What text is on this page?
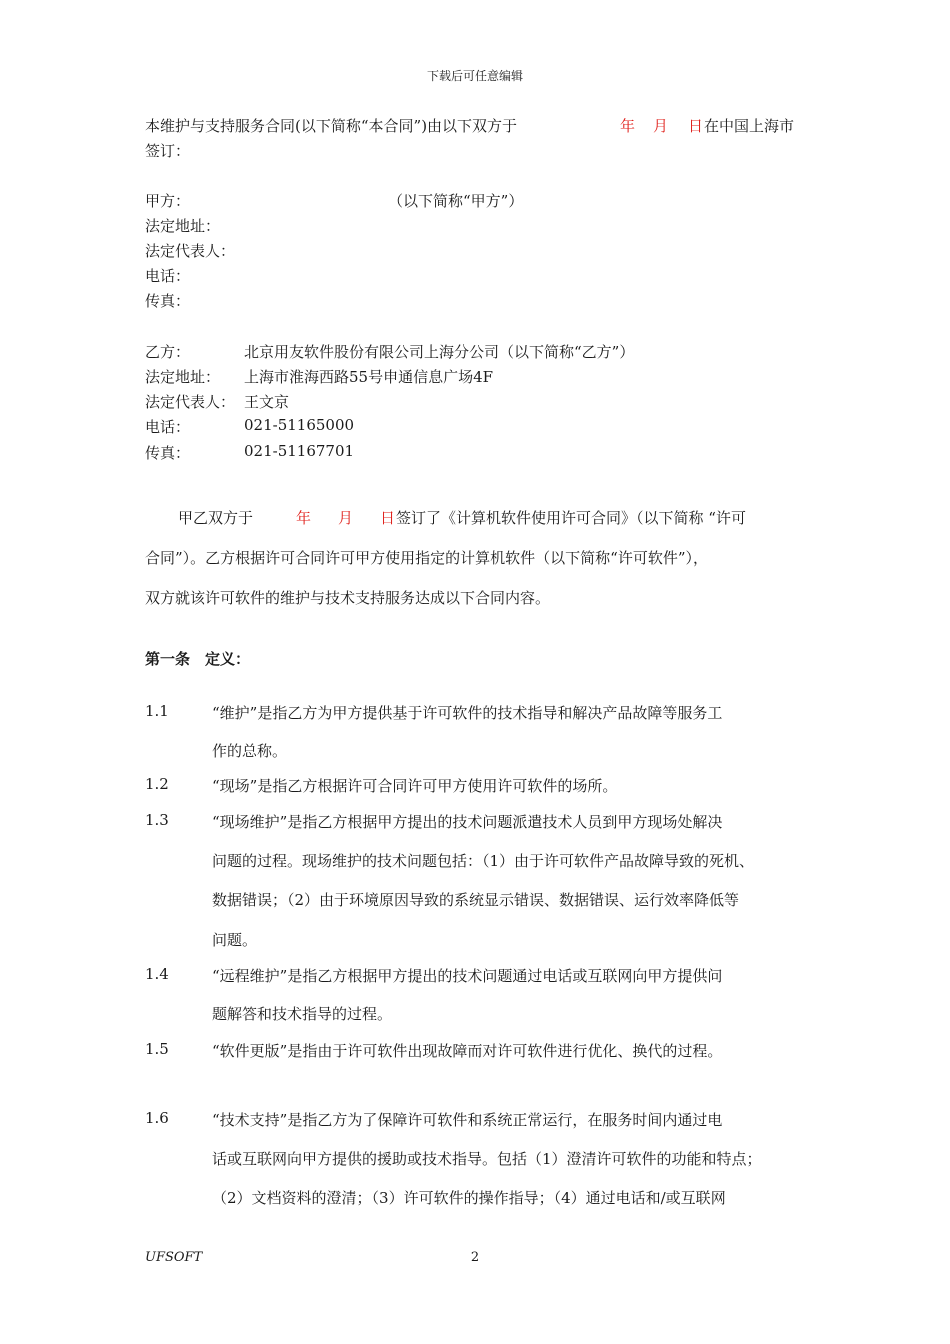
下载后可任意编辑
本维护与支持服务合同(以下简称“本合同”)由以下双方于	年 月 日 在中国上海市
签订：
甲方：	（以下简称“甲方”）
法定地址：
法定代表人：
电话：
传真：
乙方：	北京用友软件股份有限公司上海分公司（以下简称“乙方”）
法定地址： 上海市淮海西路55号申通信息广场4F
法定代表人： 王文京
电话：	021-51165000
传真：	021-51167701
甲乙双方于	年 月 日 签订了《计算机软件使用许可合同》（以下简称 “许可
合同”）。乙方根据许可合同许可甲方使用指定的计算机软件（以下简称“许可软件”），
双方就该许可软件的维护与技术支持服务达成以下合同内容。
第一条　定义：
1.1	“维护”是指乙方为甲方提供基于许可软件的技术指导和解决产品故障等服务工
作的总称。
1.2	“现场”是指乙方根据许可合同许可甲方使用许可软件的场所。
1.3	“现场维护”是指乙方根据甲方提出的技术问题派遣技术人员到甲方现场处解决
问题的过程。现场维护的技术问题包括：（1）由于许可软件产品故障导致的死机、
数据错误；（2）由于环境原因导致的系统显示错误、数据错误、运行效率降低等
问题。
1.4	“远程维护”是指乙方根据甲方提出的技术问题通过电话或互联网向甲方提供问
题解答和技术指导的过程。
1.5	“软件更版”是指由于许可软件出现故障而对许可软件进行优化、换代的过程。
1.6	“技术支持”是指乙方为了保障许可软件和系统正常运行，在服务时间内通过电
话或互联网向甲方提供的援助或技术指导。包括（1）澄清许可软件的功能和特点；
（2）文档资料的澄清；（3）许可软件的操作指导；（4）通过电话和/或互联网
UFSOFT	2
